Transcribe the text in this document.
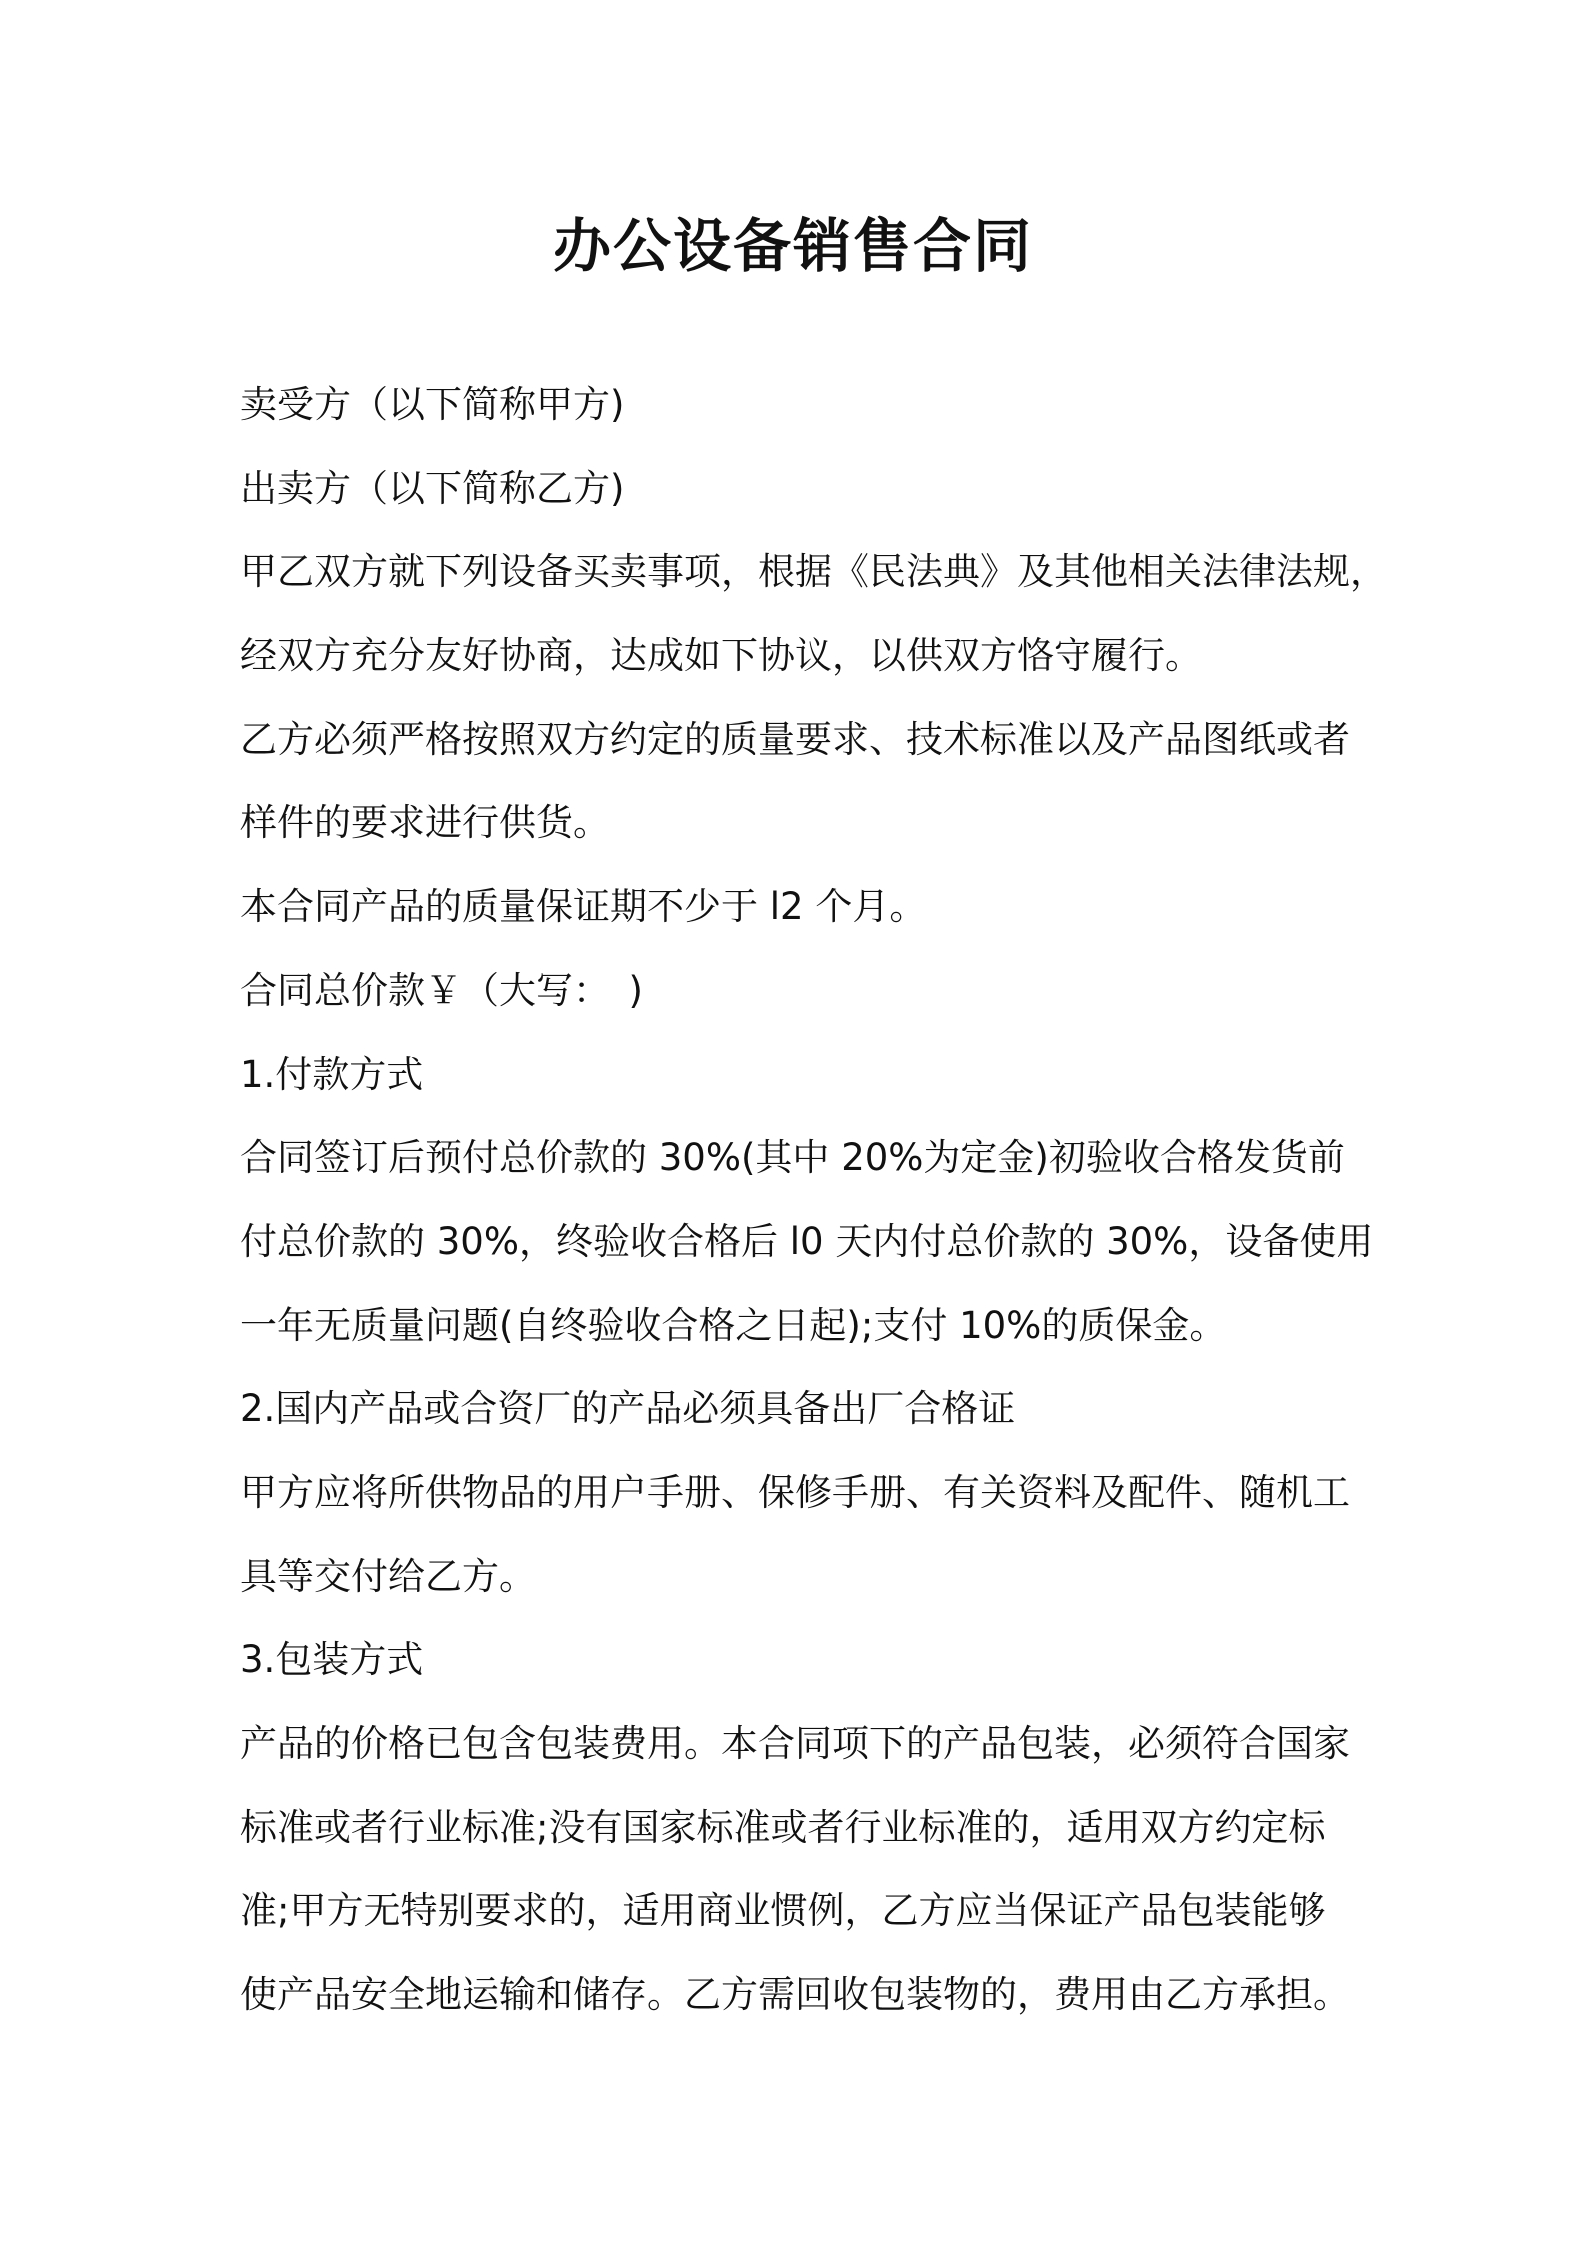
办公设备销售合同
卖受方（以下简称甲方)
出卖方（以下简称乙方)
甲乙双方就下列设备买卖事项，根据《民法典》及其他相关法律法规，
经双方充分友好协商，达成如下协议，以供双方恪守履行。
乙方必须严格按照双方约定的质量要求、技术标准以及产品图纸或者
样件的要求进行供货。
本合同产品的质量保证期不少于 l2 个月。
合同总价款￥（大写：　)
1.付款方式
合同签订后预付总价款的 30%(其中 20%为定金)初验收合格发货前
付总价款的 30%，终验收合格后 l0 天内付总价款的 30%，设备使用
一年无质量问题(自终验收合格之日起);支付 10%的质保金。
2.国内产品或合资厂的产品必须具备出厂合格证
甲方应将所供物品的用户手册、保修手册、有关资料及配件、随机工
具等交付给乙方。
3.包装方式
产品的价格已包含包装费用。本合同项下的产品包装，必须符合国家
标准或者行业标准;没有国家标准或者行业标准的，适用双方约定标
准;甲方无特别要求的，适用商业惯例，乙方应当保证产品包装能够
使产品安全地运输和储存。乙方需回收包装物的，费用由乙方承担。
